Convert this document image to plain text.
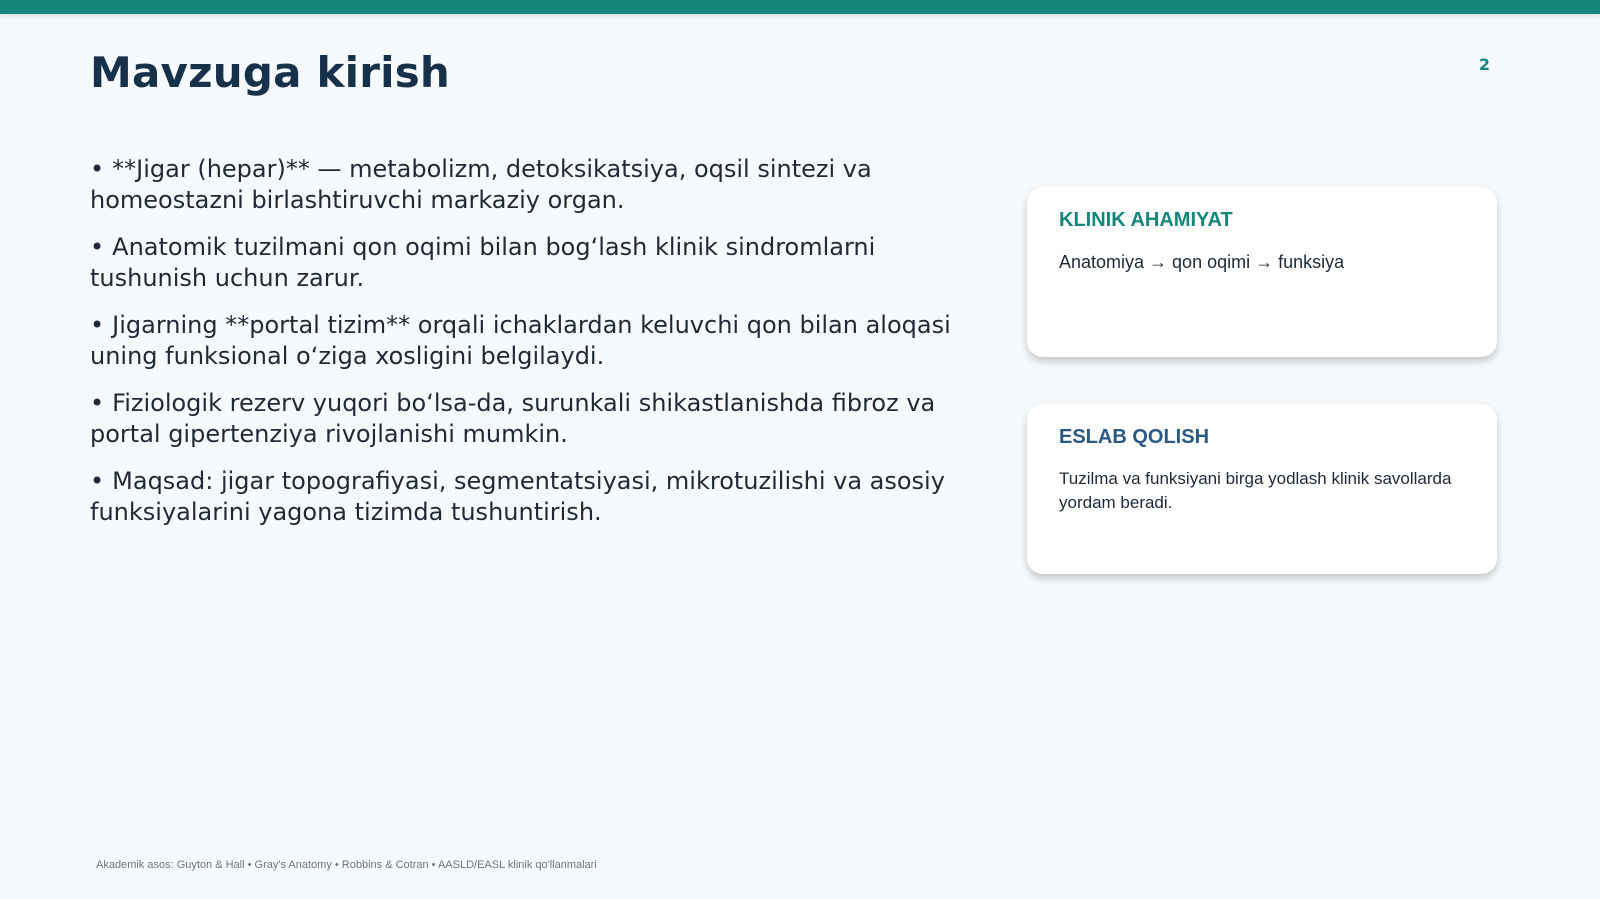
Mavzuga kirish	2
• **Jigar (hepar)** — metabolizm, detoksikatsiya, oqsil sintezi va homeostazni birlashtiruvchi markaziy organ.
• Anatomik tuzilmani qon oqimi bilan bog‘lash klinik sindromlarni tushunish uchun zarur.
• Jigarning **portal tizim** orqali ichaklardan keluvchi qon bilan aloqasi uning funksional o‘ziga xosligini belgilaydi.
• Fiziologik rezerv yuqori bo‘lsa-da, surunkali shikastlanishda fibroz va portal gipertenziya rivojlanishi mumkin.
• Maqsad: jigar topografiyasi, segmentatsiyasi, mikrotuzilishi va asosiy funksiyalarini yagona tizimda tushuntirish.
KLINIK AHAMIYAT

Anatomiya → qon oqimi → funksiya

ESLAB QOLISH

Tuzilma va funksiyani birga yodlash klinik savollarda yordam beradi.

Akademik asos: Guyton & Hall • Gray's Anatomy • Robbins & Cotran • AASLD/EASL klinik qo'llanmalari
